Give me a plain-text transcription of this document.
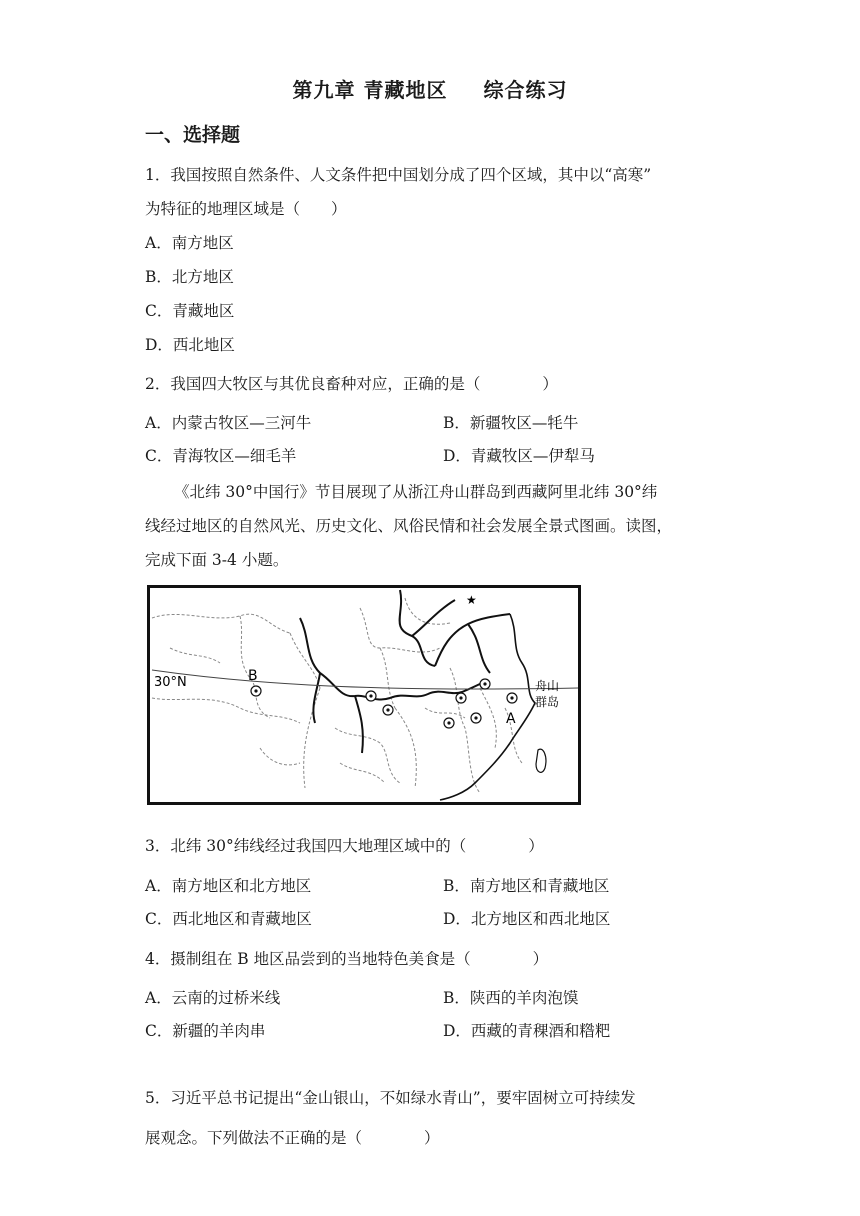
第九章 青藏地区 综合练习
一、选择题
1．我国按照自然条件、人文条件把中国划分成了四个区域，其中以“高寒”
为特征的地理区域是（　　）
A．南方地区
B．北方地区
C．青藏地区
D．西北地区
2．我国四大牧区与其优良畜种对应，正确的是（　　　　）
A．内蒙古牧区—三河牛	B．新疆牧区—牦牛
C．青海牧区—细毛羊	D．青藏牧区—伊犁马
《北纬 30°中国行》节目展现了从浙江舟山群岛到西藏阿里北纬 30°纬
线经过地区的自然风光、历史文化、风俗民情和社会发展全景式图画。读图，
完成下面 3-4 小题。
★
30°N	B
A
舟山
群岛
3．北纬 30°纬线经过我国四大地理区域中的（　　　　）
A．南方地区和北方地区	B．南方地区和青藏地区
C．西北地区和青藏地区	D．北方地区和西北地区
4．摄制组在 B 地区品尝到的当地特色美食是（　　　　）
A．云南的过桥米线	B．陕西的羊肉泡馍
C．新疆的羊肉串	D．西藏的青稞酒和糌粑
5．习近平总书记提出“金山银山，不如绿水青山”，要牢固树立可持续发
展观念。下列做法不正确的是（　　　　）
